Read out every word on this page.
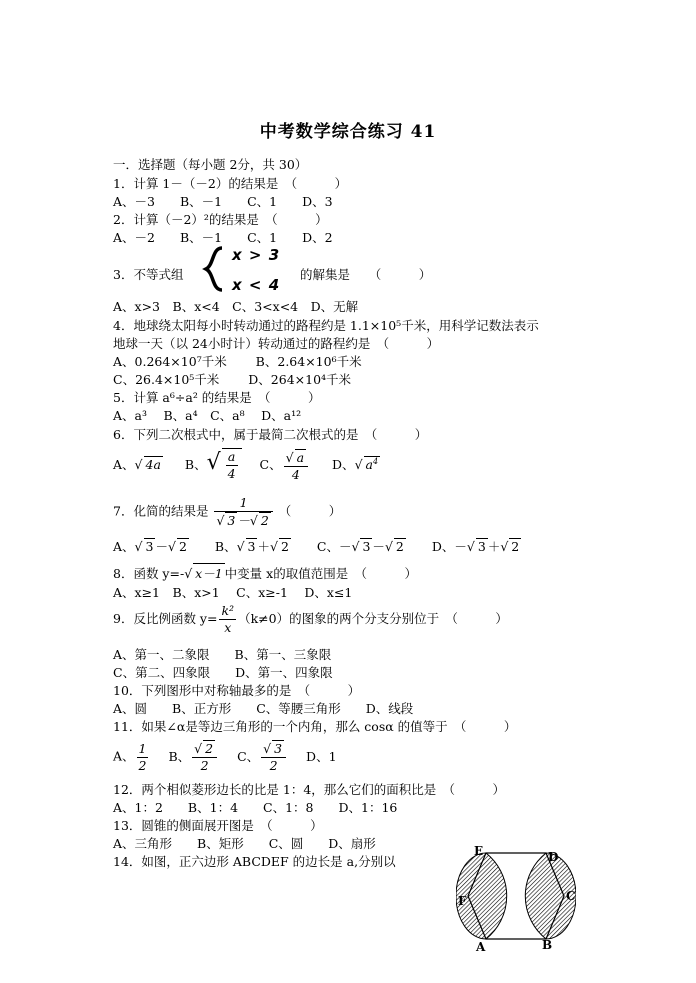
中考数学综合练习 41
一．选择题（每小题 2分，共 30）
1．计算 1－（－2）的结果是　（　　　）
A、－3　　B、－1　　C、1　　D、3
2．计算（－2）²的结果是　（　　　）
A、－2　　B、－1　　C、1　　D、2
3．不等式组
x > 3
x < 4
的解集是　　（　　　）
A、x>3　B、x<4　C、3<x<4　D、无解
4．地球绕太阳每小时转动通过的路程约是 1.1×10⁵千米，用科学记数法表示
地球一天（以 24小时计）转动通过的路程约是　（　　　）
A、0.264×10⁷千米　　 B、2.64×10⁶千米
C、26.4×10⁵千米　　 D、264×10⁴千米
5．计算 a⁶÷a² 的结果是　（　　　）
A、a³　 B、a⁴　C、a⁸　 D、a¹²
6．下列二次根式中，属于最简二次根式的是　（　　　）
A、√ 4a B、√ $\frac{a}{4}$ C、 $\frac{√ a}{4}$ D、√ $a^4$
7．化简的结果是 $\frac{1}{√ 3 -√ 2}$ （　　　）
A、√ 3 －√ 2 B、√ 3 ＋√ 2 C、－√ 3 －√ 2 D、－√ 3 ＋√ 2
8．函数 y=-√ x－1 中变量 x的取值范围是　（　　　）
A、x≥1　B、x>1　 C、x≥-1　 D、x≤1
9．反比例函数 $y= \frac{\text{k²}}{x} (k\ne 0)$的图象的两个分支分别位于　（　　　）
A、第一、二象限　　B、第一、三象限
C、第二、四象限　　D、第一、四象限
10．下列图形中对称轴最多的是　（　　　）
A、圆　　B、正方形　　C、等腰三角形　　D、线段
11．如果∠α是等边三角形的一个内角，那么 cosα 的值等于　（　　　）
A、 $\frac{1}{2}$ B、 $\frac{√ 2}{2}$ C、 $\frac{√ 3}{2}$ D、1
12．两个相似菱形边长的比是 1：4，那么它们的面积比是　（　　　）
A、1：2　　B、1：4　　C、1：8　　D、1：16
13．圆锥的侧面展开图是　（　　　）
A、三角形　　B、矩形　　C、圆　　D、扇形
14．如图，正六边形 ABCDEF 的边长是 a,分别以
E	D
C
F
A	B
